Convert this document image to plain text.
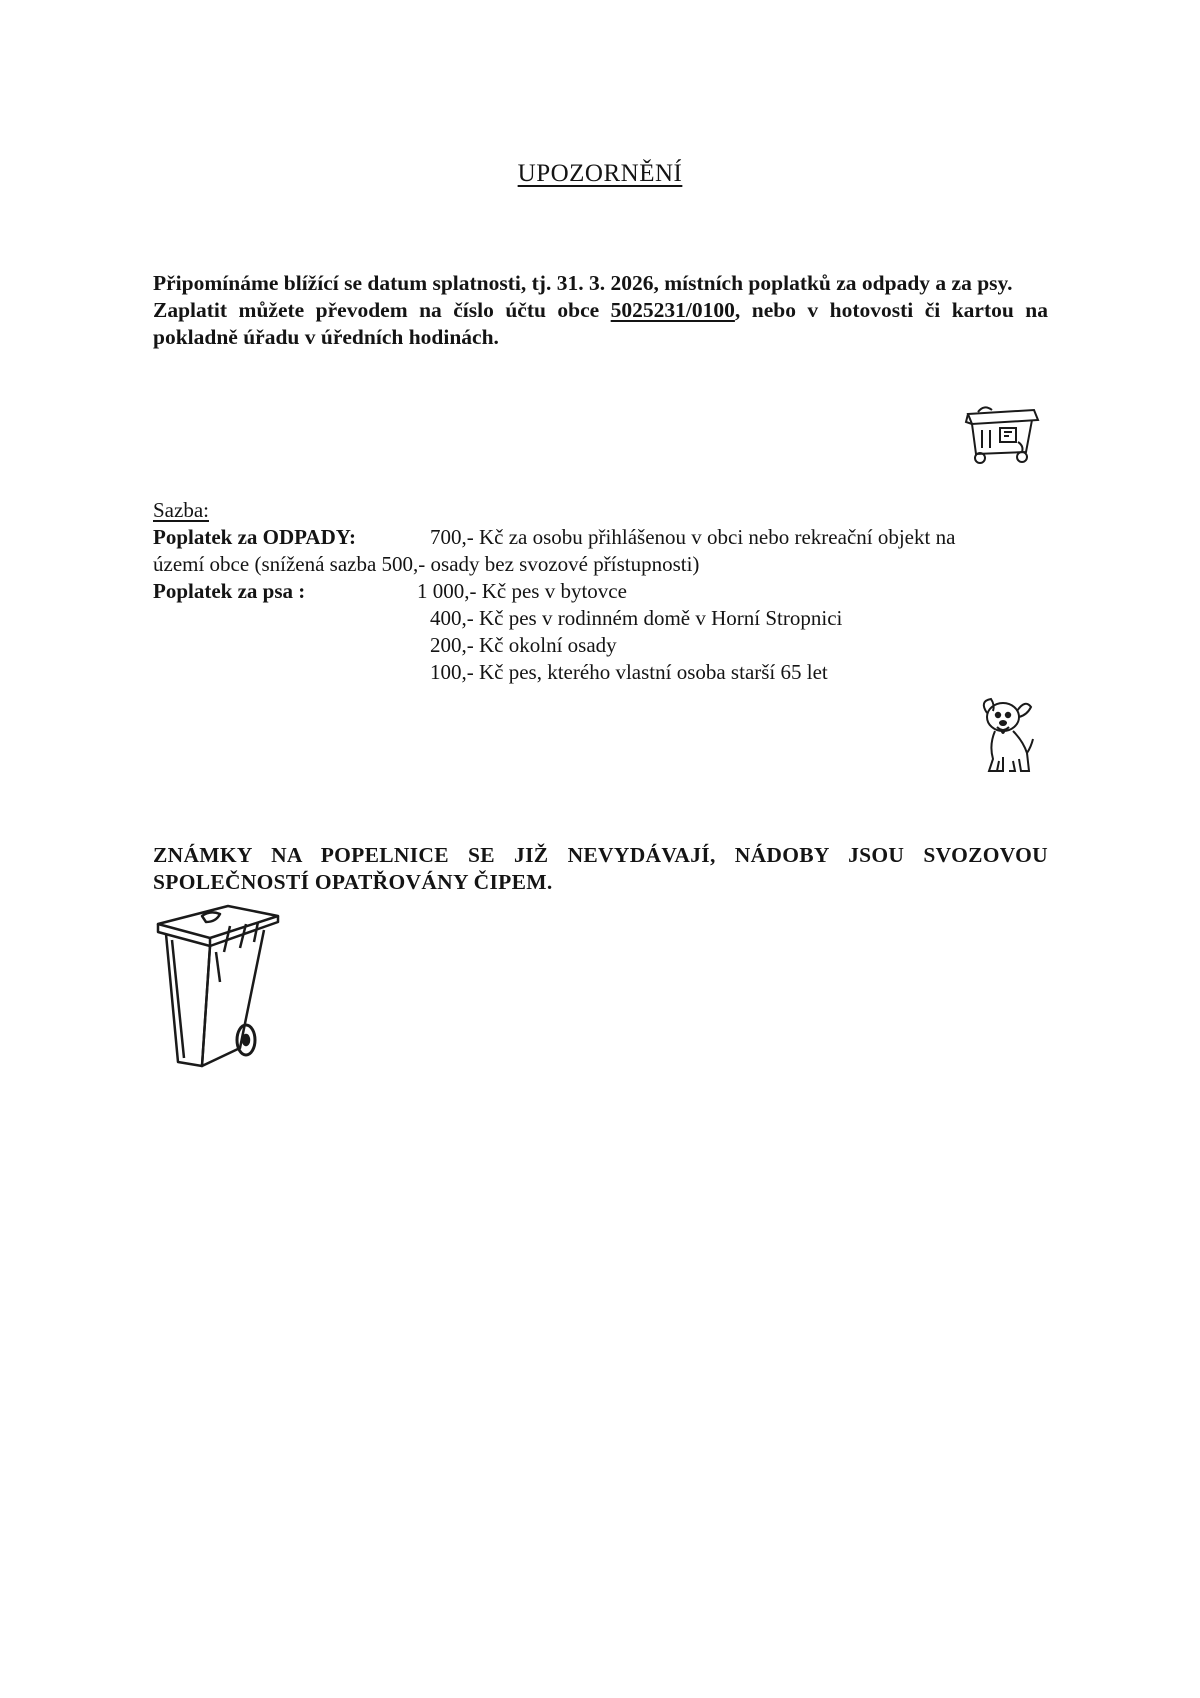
UPOZORNĚNÍ

Připomínáme blížící se datum splatnosti, tj. 31. 3. 2026, místních poplatků za odpady a za psy.

Zaplatit můžete převodem na číslo účtu obce 5025231/0100, nebo v hotovosti či kartou na pokladně úřadu v úředních hodinách.

Sazba:
Poplatek za ODPADY:	700,- Kč za osobu přihlášenou v obci nebo rekreační objekt na
území obce (snížená sazba 500,- osady bez svozové přístupnosti)
Poplatek za psa :	1 000,- Kč pes v bytovce
400,- Kč pes v rodinném domě v Horní Stropnici
200,- Kč okolní osady
100,- Kč pes, kterého vlastní osoba starší 65 let
ZNÁMKY NA POPELNICE SE JIŽ NEVYDÁVAJÍ, NÁDOBY JSOU SVOZOVOU
SPOLEČNOSTÍ OPATŘOVÁNY ČIPEM.
